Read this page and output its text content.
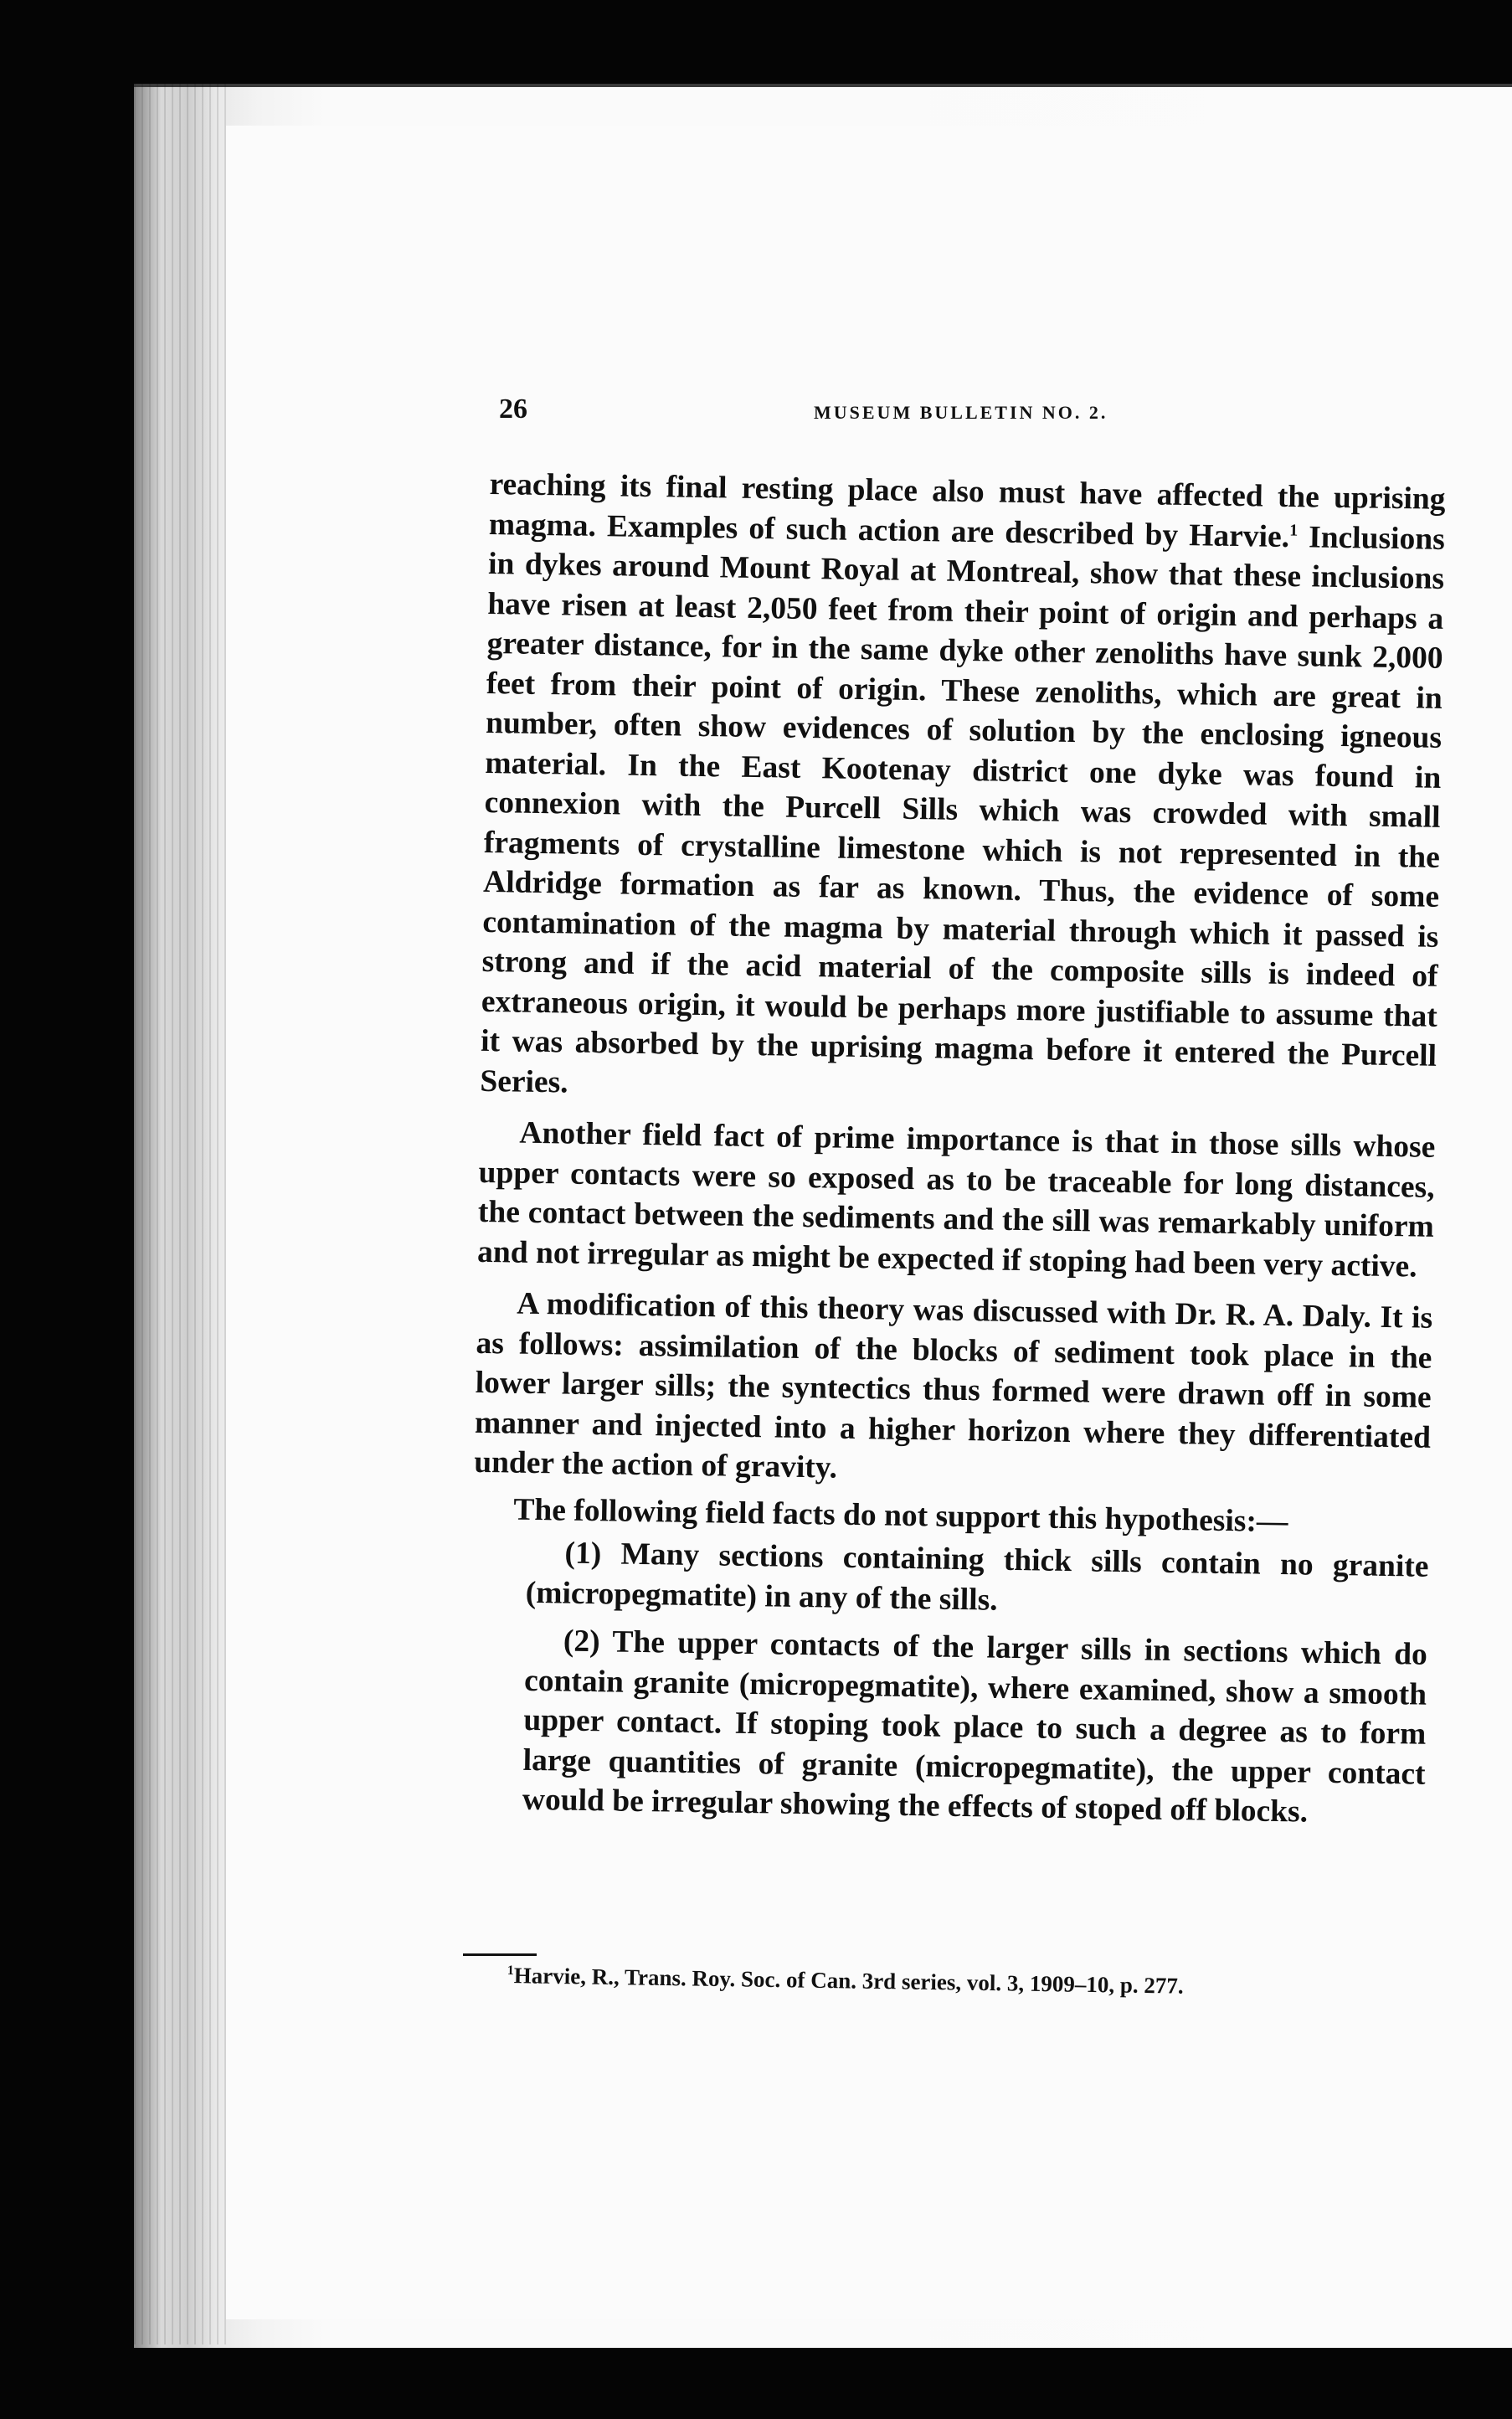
26	MUSEUM BULLETIN NO. 2.

reaching its final resting place also must have affected the uprising magma. Examples of such action are described by Harvie.$^1$ Inclusions in dykes around Mount Royal at Montreal, show that these inclusions have risen at least 2,050 feet from their point of origin and perhaps a greater distance, for in the same dyke other zenoliths have sunk 2,000 feet from their point of origin. These zenoliths, which are great in number, often show evidences of solution by the enclosing igneous material. In the East Kootenay district one dyke was found in connexion with the Purcell Sills which was crowded with small fragments of crystalline limestone which is not represented in the Aldridge formation as far as known. Thus, the evidence of some contamination of the magma by material through which it passed is strong and if the acid material of the composite sills is indeed of extraneous origin, it would be perhaps more justifiable to assume that it was absorbed by the uprising magma before it entered the Purcell Series.

Another field fact of prime importance is that in those sills whose upper contacts were so exposed as to be traceable for long distances, the contact between the sediments and the sill was remarkably uniform and not irregular as might be expected if stoping had been very active.

A modification of this theory was discussed with Dr. R. A. Daly. It is as follows: assimilation of the blocks of sediment took place in the lower larger sills; the syntectics thus formed were drawn off in some manner and injected into a higher horizon where they differentiated under the action of gravity.

The following field facts do not support this hypothesis:—

(1) Many sections containing thick sills contain no granite (micropegmatite) in any of the sills.

(2) The upper contacts of the larger sills in sections which do contain granite (micropegmatite), where examined, show a smooth upper contact. If stoping took place to such a degree as to form large quantities of granite (micropegmatite), the upper contact would be irregular showing the effects of stoped off blocks.

$^1$Harvie, R., Trans. Roy. Soc. of Can. 3rd series, vol. 3, 1909–10, p. 277.
